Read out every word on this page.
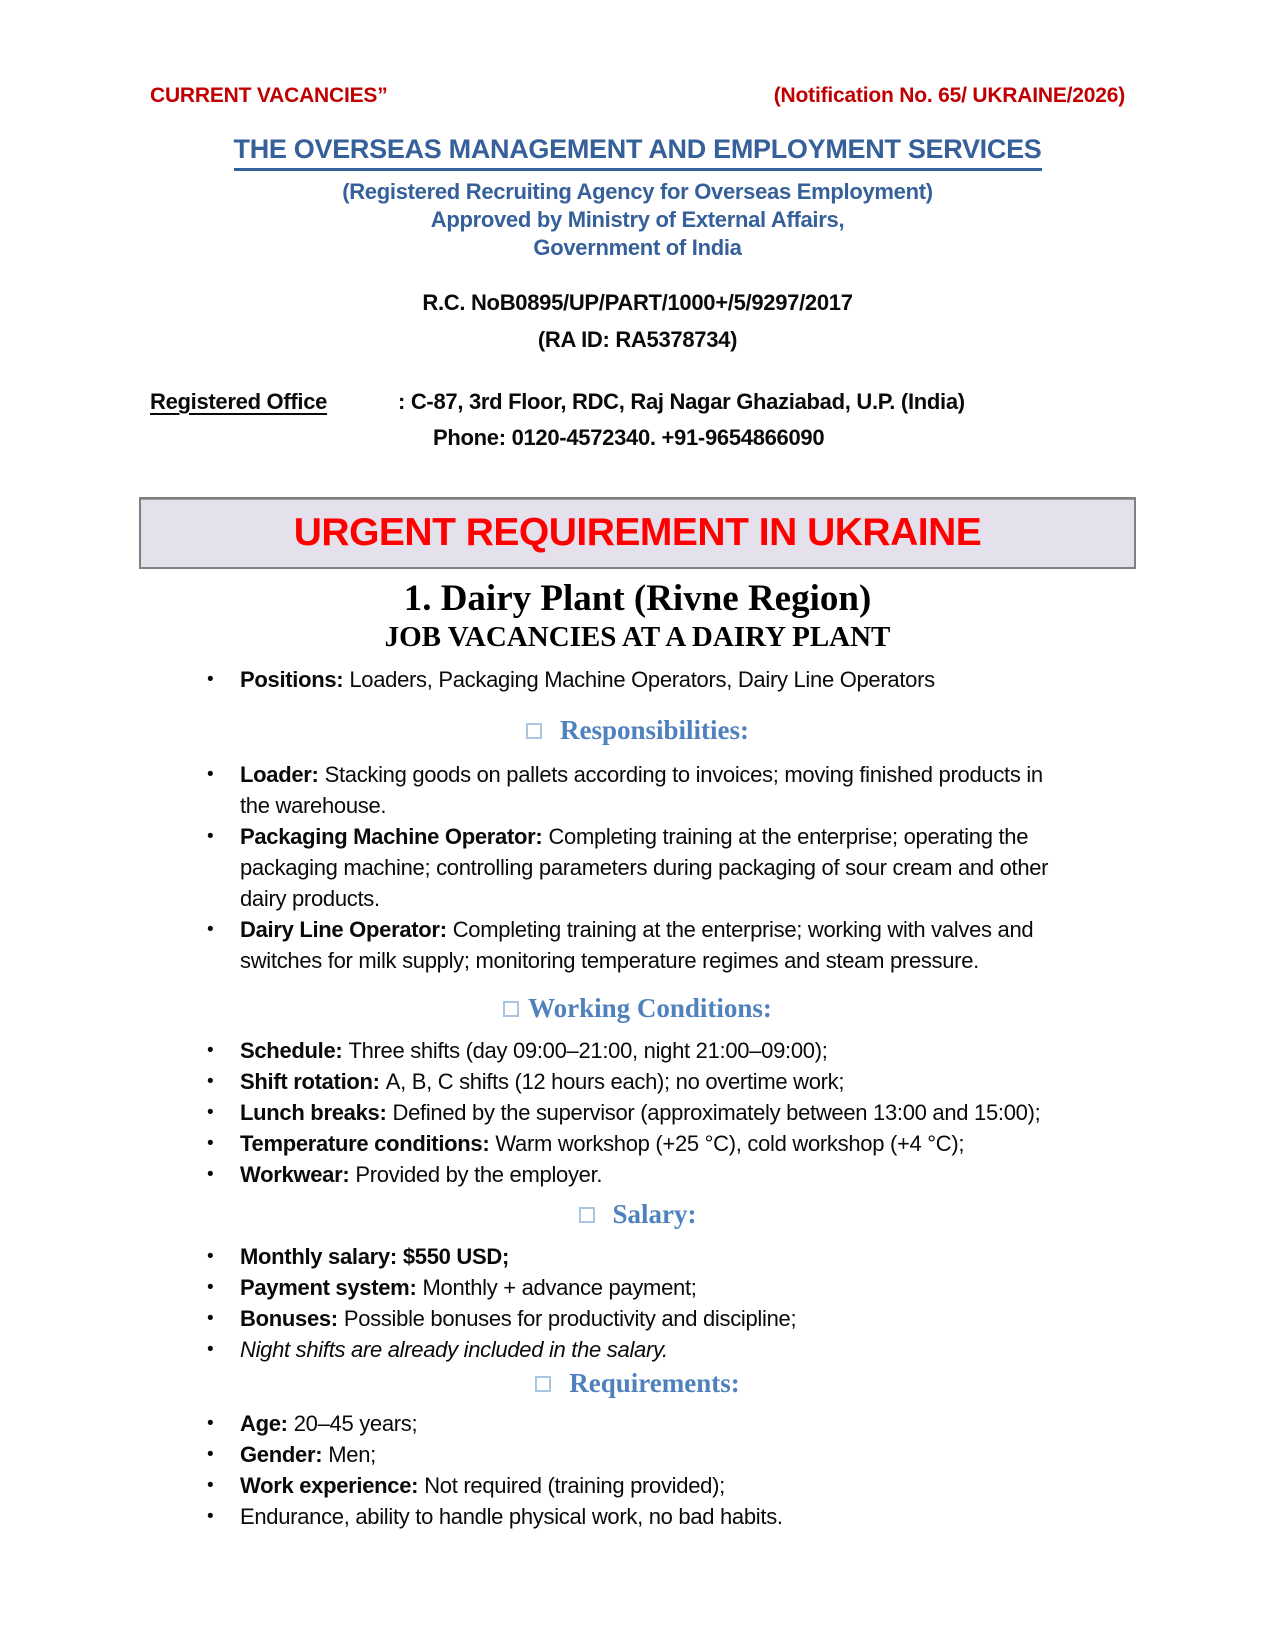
CURRENT VACANCIES”	(Notification No. 65/ UKRAINE/2026)
THE OVERSEAS MANAGEMENT AND EMPLOYMENT SERVICES
(Registered Recruiting Agency for Overseas Employment)
Approved by Ministry of External Affairs,
Government of India
R.C. NoB0895/UP/PART/1000+/5/9297/2017
(RA ID: RA5378734)
Registered Office	: C-87, 3rd Floor, RDC, Raj Nagar Ghaziabad, U.P. (India)
Phone: 0120-4572340. +91-9654866090
URGENT REQUIREMENT IN UKRAINE
1. Dairy Plant (Rivne Region)
JOB VACANCIES AT A DAIRY PLANT
•	Positions: Loaders, Packaging Machine Operators, Dairy Line Operators
Responsibilities:
•	Loader: Stacking goods on pallets according to invoices; moving finished products in the warehouse.
•	Packaging Machine Operator: Completing training at the enterprise; operating the packaging machine; controlling parameters during packaging of sour cream and other dairy products.
•	Dairy Line Operator: Completing training at the enterprise; working with valves and switches for milk supply; monitoring temperature regimes and steam pressure.
Working Conditions:
•	Schedule: Three shifts (day 09:00–21:00, night 21:00–09:00);
•	Shift rotation: A, B, C shifts (12 hours each); no overtime work;
•	Lunch breaks: Defined by the supervisor (approximately between 13:00 and 15:00);
•	Temperature conditions: Warm workshop (+25 °C), cold workshop (+4 °C);
•	Workwear: Provided by the employer.
Salary:
•	Monthly salary: $550 USD;
•	Payment system: Monthly + advance payment;
•	Bonuses: Possible bonuses for productivity and discipline;
•	Night shifts are already included in the salary.
Requirements:
•	Age: 20–45 years;
•	Gender: Men;
•	Work experience: Not required (training provided);
•	Endurance, ability to handle physical work, no bad habits.
